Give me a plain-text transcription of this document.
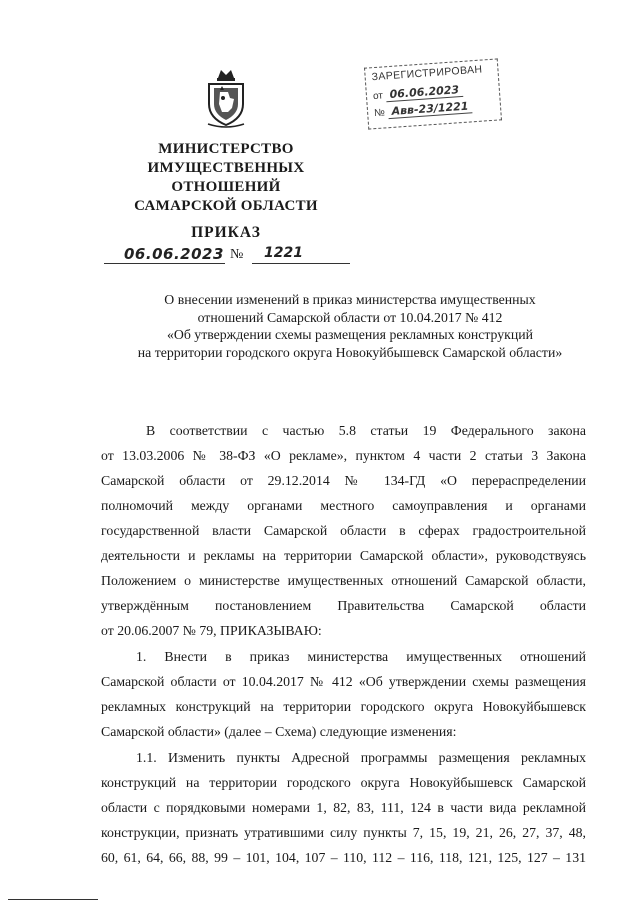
МИНИСТЕРСТВО
ИМУЩЕСТВЕННЫХ
ОТНОШЕНИЙ
САМАРСКОЙ ОБЛАСТИ
ПРИКАЗ
06.06.2023 № 1221
ЗАРЕГИСТРИРОВАН
от 06.06.2023
№ Авв-23/1221
О внесении изменений в приказ министерства имущественных
отношений Самарской области от 10.04.2017 № 412
«Об утверждении схемы размещения рекламных конструкций
на территории городского округа Новокуйбышевск Самарской области»
В соответствии с частью 5.8 статьи 19 Федерального закона
от 13.03.2006 № 38-ФЗ «О рекламе», пунктом 4 части 2 статьи 3 Закона
Самарской области от 29.12.2014 № 134-ГД «О перераспределении
полномочий между органами местного самоуправления и органами
государственной власти Самарской области в сферах градостроительной
деятельности и рекламы на территории Самарской области», руководствуясь
Положением о министерстве имущественных отношений Самарской области,
утверждённым постановлением Правительства Самарской области
от 20.06.2007 № 79, ПРИКАЗЫВАЮ:
1. Внести в приказ министерства имущественных отношений
Самарской области от 10.04.2017 № 412 «Об утверждении схемы размещения
рекламных конструкций на территории городского округа Новокуйбышевск
Самарской области» (далее – Схема) следующие изменения:
1.1. Изменить пункты Адресной программы размещения рекламных
конструкций на территории городского округа Новокуйбышевск Самарской
области с порядковыми номерами 1, 82, 83, 111, 124 в части вида рекламной
конструкции, признать утратившими силу пункты 7, 15, 19, 21, 26, 27, 37, 48,
60, 61, 64, 66, 88, 99 – 101, 104, 107 – 110, 112 – 116, 118, 121, 125, 127 – 131
